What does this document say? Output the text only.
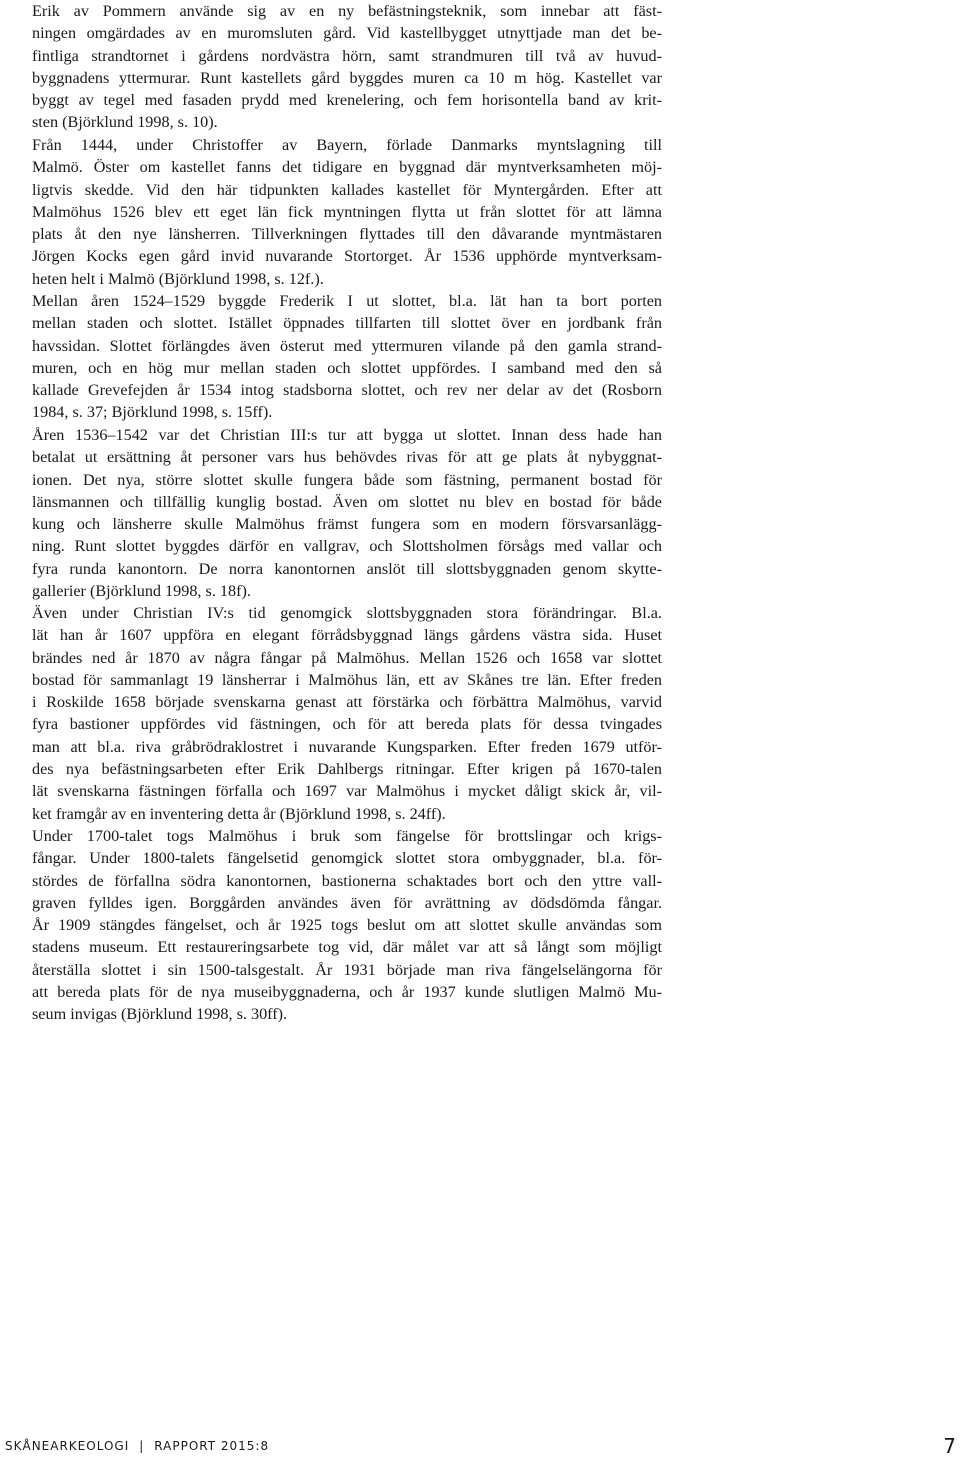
Erik av Pommern använde sig av en ny befästningsteknik, som innebar att fäst-
ningen omgärdades av en muromsluten gård. Vid kastellbygget utnyttjade man det be-
fintliga strandtornet i gårdens nordvästra hörn, samt strandmuren till två av huvud-
byggnadens yttermurar. Runt kastellets gård byggdes muren ca 10 m hög. Kastellet var
byggt av tegel med fasaden prydd med krenelering, och fem horisontella band av krit-
sten (Björklund 1998, s. 10).
Från 1444, under Christoffer av Bayern, förlade Danmarks myntslagning till
Malmö. Öster om kastellet fanns det tidigare en byggnad där myntverksamheten möj-
ligtvis skedde. Vid den här tidpunkten kallades kastellet för Myntergården. Efter att
Malmöhus 1526 blev ett eget län fick myntningen flytta ut från slottet för att lämna
plats åt den nye länsherren. Tillverkningen flyttades till den dåvarande myntmästaren
Jörgen Kocks egen gård invid nuvarande Stortorget. År 1536 upphörde myntverksam-
heten helt i Malmö (Björklund 1998, s. 12f.).
Mellan åren 1524–1529 byggde Frederik I ut slottet, bl.a. lät han ta bort porten
mellan staden och slottet. Istället öppnades tillfarten till slottet över en jordbank från
havssidan. Slottet förlängdes även österut med yttermuren vilande på den gamla strand-
muren, och en hög mur mellan staden och slottet uppfördes. I samband med den så
kallade Grevefejden år 1534 intog stadsborna slottet, och rev ner delar av det (Rosborn
1984, s. 37; Björklund 1998, s. 15ff).
Åren 1536–1542 var det Christian III:s tur att bygga ut slottet. Innan dess hade han
betalat ut ersättning åt personer vars hus behövdes rivas för att ge plats åt nybyggnat-
ionen. Det nya, större slottet skulle fungera både som fästning, permanent bostad för
länsmannen och tillfällig kunglig bostad. Även om slottet nu blev en bostad för både
kung och länsherre skulle Malmöhus främst fungera som en modern försvarsanlägg-
ning. Runt slottet byggdes därför en vallgrav, och Slottsholmen försågs med vallar och
fyra runda kanontorn. De norra kanontornen anslöt till slottsbyggnaden genom skytte-
gallerier (Björklund 1998, s. 18f).
Även under Christian IV:s tid genomgick slottsbyggnaden stora förändringar. Bl.a.
lät han år 1607 uppföra en elegant förrådsbyggnad längs gårdens västra sida. Huset
brändes ned år 1870 av några fångar på Malmöhus. Mellan 1526 och 1658 var slottet
bostad för sammanlagt 19 länsherrar i Malmöhus län, ett av Skånes tre län. Efter freden
i Roskilde 1658 började svenskarna genast att förstärka och förbättra Malmöhus, varvid
fyra bastioner uppfördes vid fästningen, och för att bereda plats för dessa tvingades
man att bl.a. riva gråbrödraklostret i nuvarande Kungsparken. Efter freden 1679 utför-
des nya befästningsarbeten efter Erik Dahlbergs ritningar. Efter krigen på 1670-talen
lät svenskarna fästningen förfalla och 1697 var Malmöhus i mycket dåligt skick år, vil-
ket framgår av en inventering detta år (Björklund 1998, s. 24ff).
Under 1700-talet togs Malmöhus i bruk som fängelse för brottslingar och krigs-
fångar. Under 1800-talets fängelsetid genomgick slottet stora ombyggnader, bl.a. för-
stördes de förfallna södra kanontornen, bastionerna schaktades bort och den yttre vall-
graven fylldes igen. Borggården användes även för avrättning av dödsdömda fångar.
År 1909 stängdes fängelset, och år 1925 togs beslut om att slottet skulle användas som
stadens museum. Ett restaureringsarbete tog vid, där målet var att så långt som möjligt
återställa slottet i sin 1500-talsgestalt. År 1931 började man riva fängelselängorna för
att bereda plats för de nya museibyggnaderna, och år 1937 kunde slutligen Malmö Mu-
seum invigas (Björklund 1998, s. 30ff).
SKÅNEARKEOLOGI | RAPPORT 2015:8	7
